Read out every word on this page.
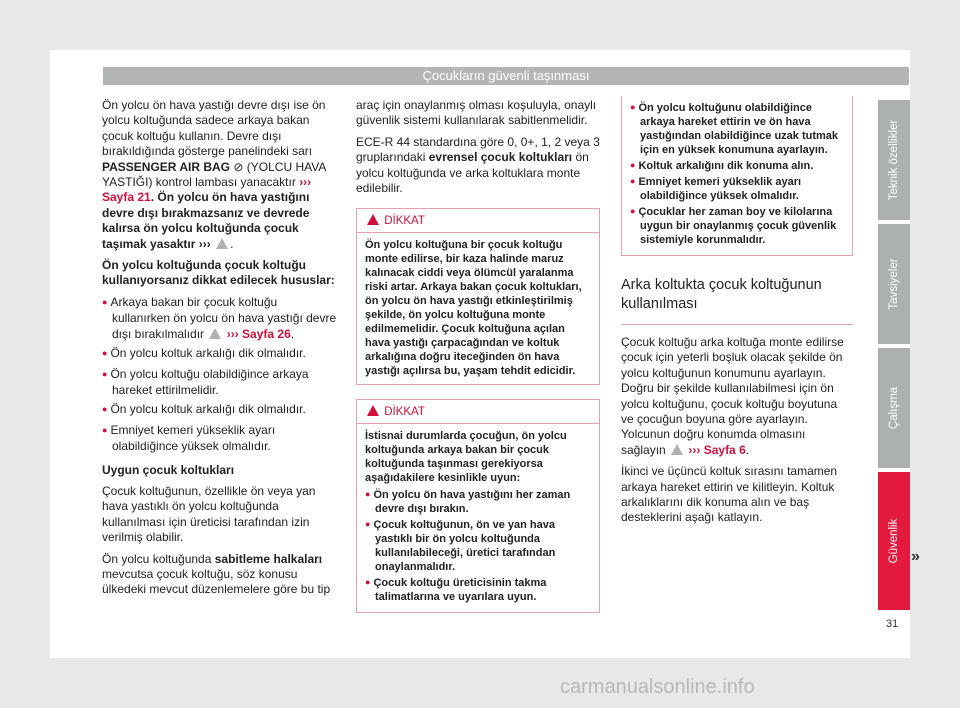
Çocukların güvenli taşınması

Ön yolcu ön hava yastığı devre dışı ise ön yolcu koltuğunda sadece arkaya bakan çocuk koltuğu kullanın. Devre dışı bırakıldığında gösterge panelindeki sarı PASSENGER AIR BAG ⊘ (YOLCU HAVA YASTIĞI) kontrol lambası yanacaktır ››› Sayfa 21. Ön yolcu ön hava yastığını devre dışı bırakmazsanız ve devrede kalırsa ön yolcu koltuğunda çocuk taşımak yasaktır ››› .

Ön yolcu koltuğunda çocuk koltuğu kullanıyorsanız dikkat edilecek hususlar:

● Arkaya bakan bir çocuk koltuğu kullanırken ön yolcu ön hava yastığı devre dışı bırakılmalıdır ››› Sayfa 26.
● Ön yolcu koltuk arkalığı dik olmalıdır.
● Ön yolcu koltuğu olabildiğince arkaya hareket ettirilmelidir.
● Ön yolcu koltuk arkalığı dik olmalıdır.
● Emniyet kemeri yükseklik ayarı olabildiğince yüksek olmalıdır.

Uygun çocuk koltukları

Çocuk koltuğunun, özellikle ön veya yan hava yastıklı ön yolcu koltuğunda kullanılması için üreticisi tarafından izin verilmiş olabilir.

Ön yolcu koltuğunda sabitleme halkaları mevcutsa çocuk koltuğu, söz konusu ülkedeki mevcut düzenlemelere göre bu tip

araç için onaylanmış olması koşuluyla, onaylı güvenlik sistemi kullanılarak sabitlenmelidir.

ECE-R 44 standardına göre 0, 0+, 1, 2 veya 3 gruplarındaki evrensel çocuk koltukları ön yolcu koltuğunda ve arka koltuklara monte edilebilir.

DİKKAT
Ön yolcu koltuğuna bir çocuk koltuğu monte edilirse, bir kaza halinde maruz kalınacak ciddi veya ölümcül yaralanma riski artar. Arkaya bakan çocuk koltukları, ön yolcu ön hava yastığı etkinleştirilmiş şekilde, ön yolcu koltuğuna monte edilmemelidir. Çocuk koltuğuna açılan hava yastığı çarpacağından ve koltuk arkalığına doğru iteceğinden ön hava yastığı açılırsa bu, yaşam tehdit edicidir.
DİKKAT
İstisnai durumlarda çocuğun, ön yolcu koltuğunda arkaya bakan bir çocuk koltuğunda taşınması gerekiyorsa aşağıdakilere kesinlikle uyun:
● Ön yolcu ön hava yastığını her zaman devre dışı bırakın.
● Çocuk koltuğunun, ön ve yan hava yastıklı bir ön yolcu koltuğunda kullanılabileceği, üretici tarafından onaylanmalıdır.
● Çocuk koltuğu üreticisinin takma talimatlarına ve uyarılara uyun.
● Ön yolcu koltuğunu olabildiğince arkaya hareket ettirin ve ön hava yastığından olabildiğince uzak tutmak için en yüksek konumuna ayarlayın.
● Koltuk arkalığını dik konuma alın.
● Emniyet kemeri yükseklik ayarı olabildiğince yüksek olmalıdır.
● Çocuklar her zaman boy ve kilolarına uygun bir onaylanmış çocuk güvenlik sistemiyle korunmalıdır.
Arka koltukta çocuk koltuğunun kullanılması

Çocuk koltuğu arka koltuğa monte edilirse çocuk için yeterli boşluk olacak şekilde ön yolcu koltuğunun konumunu ayarlayın. Doğru bir şekilde kullanılabilmesi için ön yolcu koltuğunu, çocuk koltuğu boyutuna ve çocuğun boyuna göre ayarlayın. Yolcunun doğru konumda olmasını sağlayın ››› Sayfa 6.

İkinci ve üçüncü koltuk sırasını tamamen arkaya hareket ettirin ve kilitleyin. Koltuk arkalıklarını dik konuma alın ve baş desteklerini aşağı katlayın.

»
Teknik özellikler
Tavsiyeler
Çalışma
Güvenlik
31
carmanualsonline.info
